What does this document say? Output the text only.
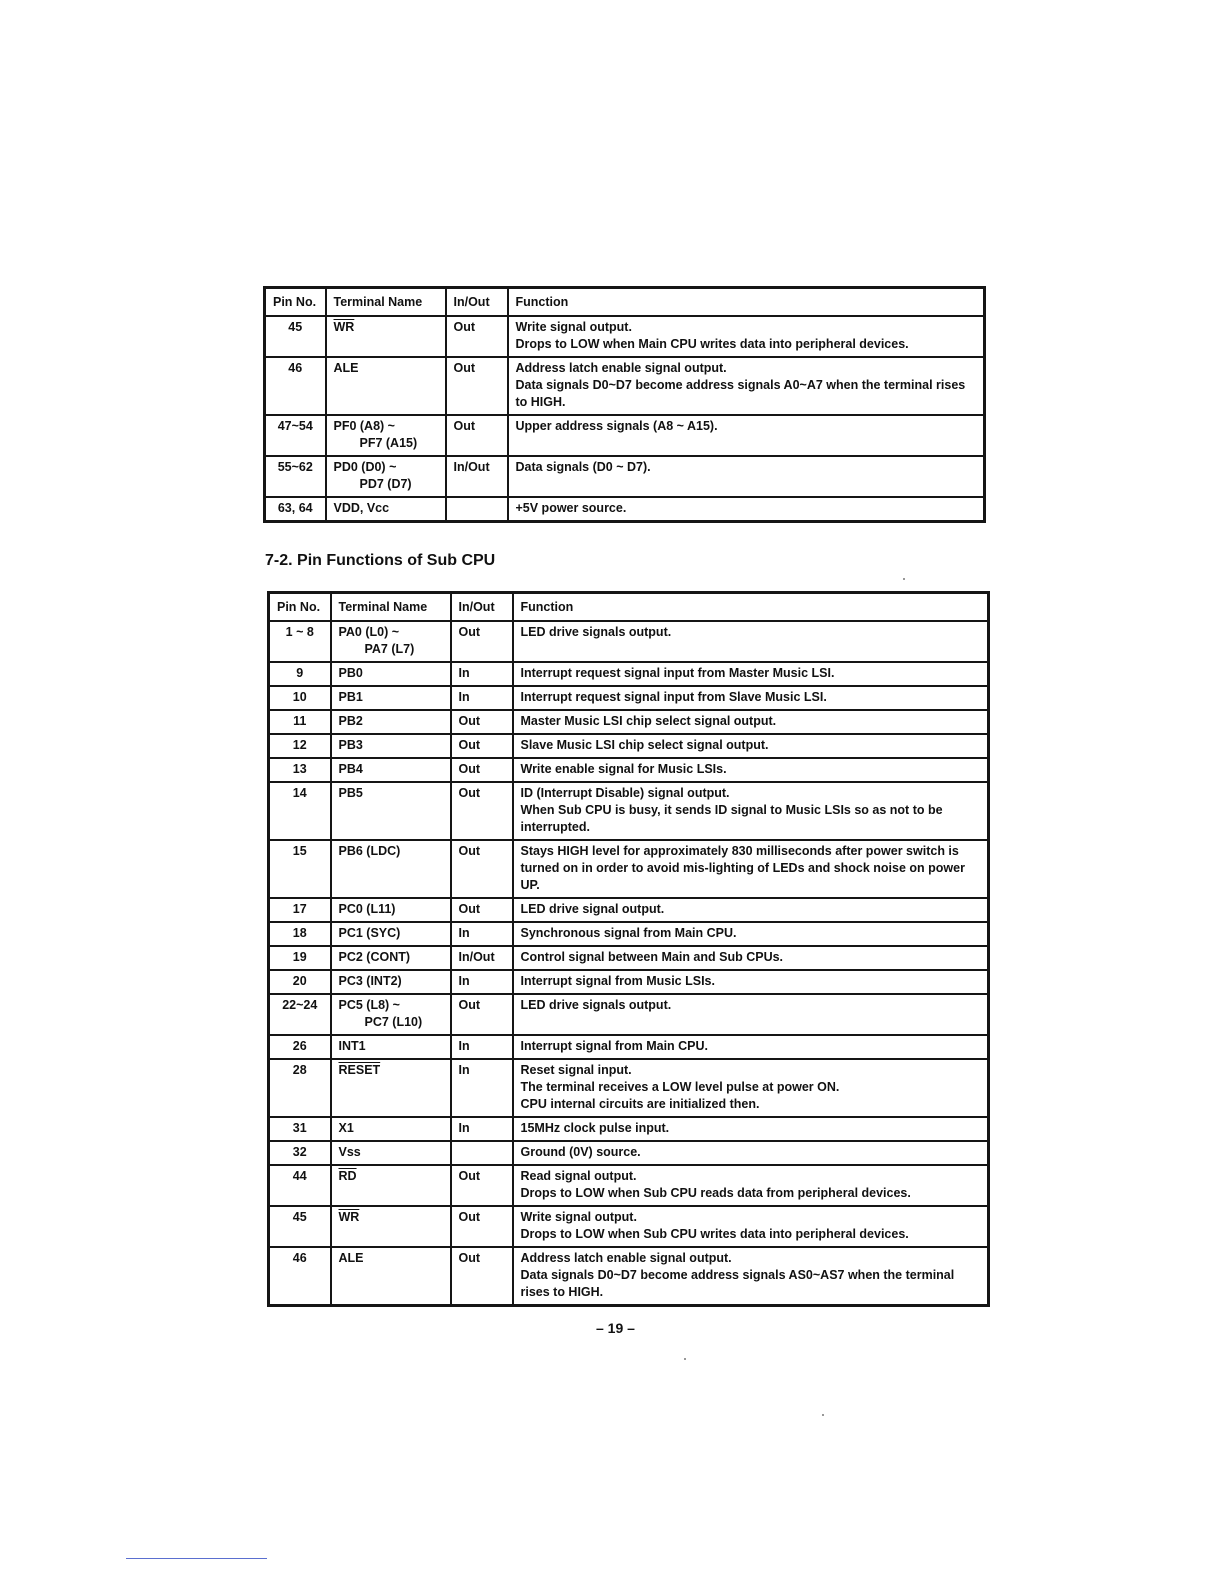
Pin No.	Terminal Name	In/Out	Function
45	$\overline{WR}$	Out	Write signal output.
Drops to LOW when Main CPU writes data into peripheral devices.

46	ALE	Out	Address latch enable signal output.
Data signals D0~D7 become address signals A0~A7 when the terminal rises
to HIGH.

47~54	PF0 (A8) ~
PF7 (A15)	Out	Upper address signals (A8 ~ A15).

55~62	PD0 (D0) ~
PD7 (D7)	In/Out	Data signals (D0 ~ D7).

63, 64	VDD, Vcc		+5V power source.
7-2. Pin Functions of Sub CPU
Pin No.	Terminal Name	In/Out	Function
1 ~ 8	PA0 (L0) ~
PA7 (L7)	Out	LED drive signals output.

9	PB0	In	Interrupt request signal input from Master Music LSI.

10	PB1	In	Interrupt request signal input from Slave Music LSI.

11	PB2	Out	Master Music LSI chip select signal output.

12	PB3	Out	Slave Music LSI chip select signal output.

13	PB4	Out	Write enable signal for Music LSIs.

14	PB5	Out	ID (Interrupt Disable) signal output.
When Sub CPU is busy, it sends ID signal to Music LSIs so as not to be
interrupted.

15	PB6 (LDC)	Out	Stays HIGH level for approximately 830 milliseconds after power switch is
turned on in order to avoid mis-lighting of LEDs and shock noise on power
UP.

17	PC0 (L11)	Out	LED drive signal output.

18	PC1 (SYC)	In	Synchronous signal from Main CPU.

19	PC2 (CONT)	In/Out	Control signal between Main and Sub CPUs.

20	PC3 (INT2)	In	Interrupt signal from Music LSIs.

22~24	PC5 (L8) ~
PC7 (L10)	Out	LED drive signals output.

26	INT1	In	Interrupt signal from Main CPU.

28	RESET	In	Reset signal input.
The terminal receives a LOW level pulse at power ON.
CPU internal circuits are initialized then.

31	X1	In	15MHz clock pulse input.

32	Vss		Ground (0V) source.

44	$\overline{RD}$	Out	Read signal output.
Drops to LOW when Sub CPU reads data from peripheral devices.

45	$\overline{WR}$	Out	Write signal output.
Drops to LOW when Sub CPU writes data into peripheral devices.

46	ALE	Out	Address latch enable signal output.
Data signals D0~D7 become address signals AS0~AS7 when the terminal
rises to HIGH.
– 19 –
